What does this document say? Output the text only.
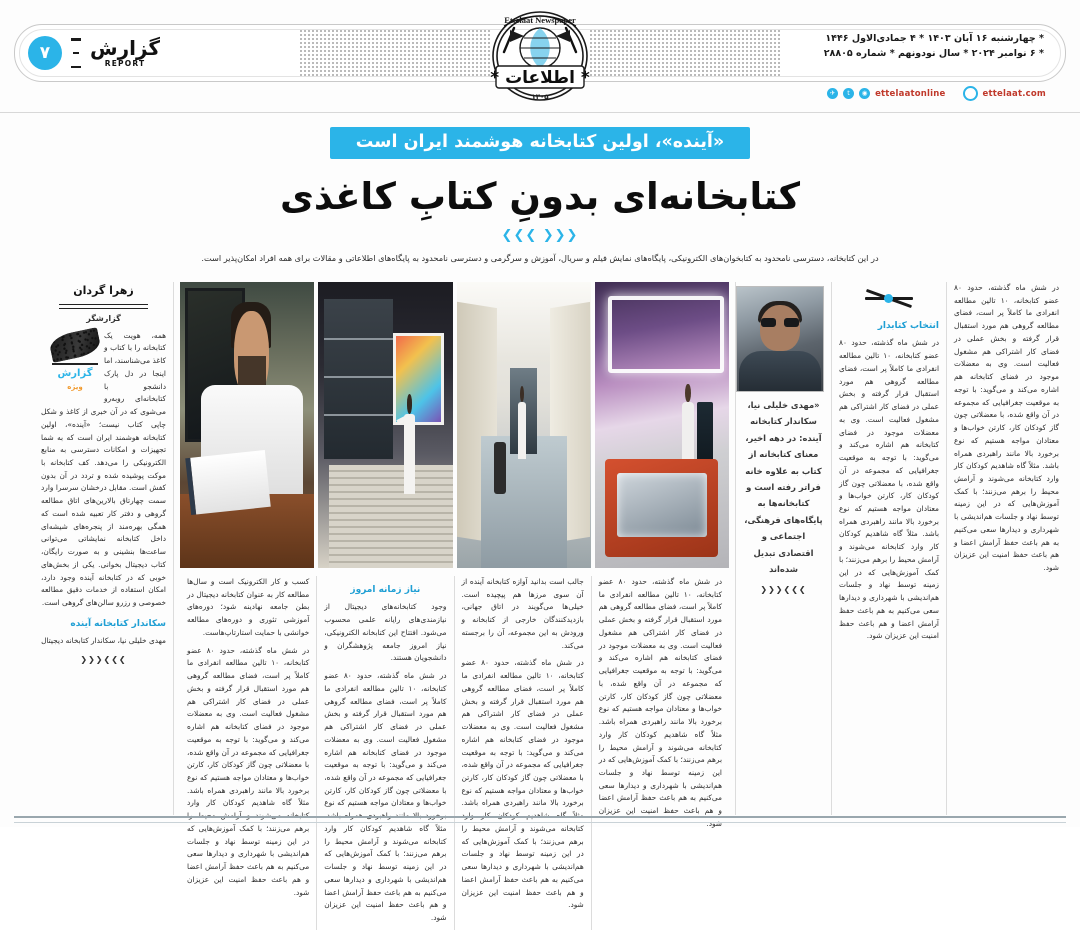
۷	گزارش
REPORT
Ettelaat Newspaper
* اطلاعات *
۱۳۰۵
* چهارشنبه ۱۶ آبان ۱۴۰۳ * ۴ جمادی‌الاول ۱۴۴۶
* ۶ نوامبر ۲۰۲۴ * سال نودونهم * شماره ۲۸۸۰۵
✈	t	◉ ettelaatonline	ettelaat.com
«آینده»، اولین کتابخانه هوشمند ایران است
کتابخانه‌ای بدونِ کتابِ کاغذی
❮❮❮ ❯❯❯
در این کتابخانه، دسترسی نامحدود به کتابخوان‌های الکترونیکی، پایگاه‌های نمایش فیلم و سریال، آموزش و سرگرمی و دسترسی نامحدود به پایگاه‌های اطلاعاتی و مقالات برای همه افراد امکان‌پذیر است.

در شش ماه گذشته، حدود ۸۰ عضو کتابخانه، ۱۰ تالین مطالعه انفرادی ما کاملاً پر است، فضای مطالعه گروهی هم مورد استقبال قرار گرفته و بخش عملی در فضای کار اشتراکی هم مشغول فعالیت است. وی به معضلات موجود در فضای کتابخانه هم اشاره می‌کند و می‌گوید: با توجه به موقعیت جغرافیایی که مجموعه در آن واقع شده، با معضلاتی چون گاز کودکان کار، کارتن خواب‌ها و معتادان مواجه هستیم که نوع برخورد بالا مانند راهبردی همراه باشد. مثلاً گاه شاهدیم کودکان کار وارد کتابخانه می‌شوند و آرامش محیط را برهم می‌زنند؛ با کمک آموزش‌هایی که در این زمینه توسط نهاد و جلسات هم‌اندیشی با شهرداری و دیدارها سعی می‌کنیم به هم باعث حفظ آرامش اعضا و هم باعث حفظ امنیت این عزیزان شود.

انتخاب کتابدار

در شش ماه گذشته، حدود ۸۰ عضو کتابخانه، ۱۰ تالین مطالعه انفرادی ما کاملاً پر است، فضای مطالعه گروهی هم مورد استقبال قرار گرفته و بخش عملی در فضای کار اشتراکی هم مشغول فعالیت است. وی به معضلات موجود در فضای کتابخانه هم اشاره می‌کند و می‌گوید: با توجه به موقعیت جغرافیایی که مجموعه در آن واقع شده، با معضلاتی چون گاز کودکان کار، کارتن خواب‌ها و معتادان مواجه هستیم که نوع برخورد بالا مانند راهبردی همراه باشد. مثلاً گاه شاهدیم کودکان کار وارد کتابخانه می‌شوند و آرامش محیط را برهم می‌زنند؛ با کمک آموزش‌هایی که در این زمینه توسط نهاد و جلسات هم‌اندیشی با شهرداری و دیدارها سعی می‌کنیم به هم باعث حفظ آرامش اعضا و هم باعث حفظ امنیت این عزیزان شود.

«مهدی خلیلی نیا، سکاندار کتابخانه آینده: در دهه اخیر، معنای کتابخانه از کتاب به علاوه خانه فراتر رفته است و کتابخانه‌ها به پایگاه‌های فرهنگی، اجتماعی و اقتصادی تبدیل شده‌اند
❯❯❯❮❮❮

در شش ماه گذشته، حدود ۸۰ عضو کتابخانه، ۱۰ تالین مطالعه انفرادی ما کاملاً پر است، فضای مطالعه گروهی هم مورد استقبال قرار گرفته و بخش عملی در فضای کار اشتراکی هم مشغول فعالیت است. وی به معضلات موجود در فضای کتابخانه هم اشاره می‌کند و می‌گوید: با توجه به موقعیت جغرافیایی که مجموعه در آن واقع شده، با معضلاتی چون گاز کودکان کار، کارتن خواب‌ها و معتادان مواجه هستیم که نوع برخورد بالا مانند راهبردی همراه باشد. مثلاً گاه شاهدیم کودکان کار وارد کتابخانه می‌شوند و آرامش محیط را برهم می‌زنند؛ با کمک آموزش‌هایی که در این زمینه توسط نهاد و جلسات هم‌اندیشی با شهرداری و دیدارها سعی می‌کنیم به هم باعث حفظ آرامش اعضا و هم باعث حفظ امنیت این عزیزان شود.

جالب است بدانید آوازه کتابخانه آینده از آن سوی مرزها هم پیچیده است. خیلی‌ها می‌گویند در اتاق جهانی، بازدیدکنندگان خارجی از کتابخانه و ورودش به این مجموعه، آن را برجسته می‌کند.

در شش ماه گذشته، حدود ۸۰ عضو کتابخانه، ۱۰ تالین مطالعه انفرادی ما کاملاً پر است، فضای مطالعه گروهی هم مورد استقبال قرار گرفته و بخش عملی در فضای کار اشتراکی هم مشغول فعالیت است. وی به معضلات موجود در فضای کتابخانه هم اشاره می‌کند و می‌گوید: با توجه به موقعیت جغرافیایی که مجموعه در آن واقع شده، با معضلاتی چون گاز کودکان کار، کارتن خواب‌ها و معتادان مواجه هستیم که نوع برخورد بالا مانند راهبردی همراه باشد. مثلاً گاه شاهدیم کودکان کار وارد کتابخانه می‌شوند و آرامش محیط را برهم می‌زنند؛ با کمک آموزش‌هایی که در این زمینه توسط نهاد و جلسات هم‌اندیشی با شهرداری و دیدارها سعی می‌کنیم به هم باعث حفظ آرامش اعضا و هم باعث حفظ امنیت این عزیزان شود.

نیاز زمانه امروز

وجود کتابخانه‌های دیجیتال از نیازمندی‌های رایانه علمی محسوب می‌شود. افتتاح این کتابخانه الکترونیکی، نیاز امروز جامعه پژوهشگران و دانشجویان هستند.

در شش ماه گذشته، حدود ۸۰ عضو کتابخانه، ۱۰ تالین مطالعه انفرادی ما کاملاً پر است، فضای مطالعه گروهی هم مورد استقبال قرار گرفته و بخش عملی در فضای کار اشتراکی هم مشغول فعالیت است. وی به معضلات موجود در فضای کتابخانه هم اشاره می‌کند و می‌گوید: با توجه به موقعیت جغرافیایی که مجموعه در آن واقع شده، با معضلاتی چون گاز کودکان کار، کارتن خواب‌ها و معتادان مواجه هستیم که نوع برخورد بالا مانند راهبردی همراه باشد. مثلاً گاه شاهدیم کودکان کار وارد کتابخانه می‌شوند و آرامش محیط را برهم می‌زنند؛ با کمک آموزش‌هایی که در این زمینه توسط نهاد و جلسات هم‌اندیشی با شهرداری و دیدارها سعی می‌کنیم به هم باعث حفظ آرامش اعضا و هم باعث حفظ امنیت این عزیزان شود.

کسب و کار الکترونیک است و سال‌ها مطالعه کار به عنوان کتابخانه دیجیتال در بطن جامعه نهادینه شود؛ دوره‌های آموزشی تئوری و دوره‌های مطالعه خوانشی با حمایت استارتاپ‌هاست.

در شش ماه گذشته، حدود ۸۰ عضو کتابخانه، ۱۰ تالین مطالعه انفرادی ما کاملاً پر است، فضای مطالعه گروهی هم مورد استقبال قرار گرفته و بخش عملی در فضای کار اشتراکی هم مشغول فعالیت است. وی به معضلات موجود در فضای کتابخانه هم اشاره می‌کند و می‌گوید: با توجه به موقعیت جغرافیایی که مجموعه در آن واقع شده، با معضلاتی چون گاز کودکان کار، کارتن خواب‌ها و معتادان مواجه هستیم که نوع برخورد بالا مانند راهبردی همراه باشد. مثلاً گاه شاهدیم کودکان کار وارد کتابخانه می‌شوند و آرامش محیط را برهم می‌زنند؛ با کمک آموزش‌هایی که در این زمینه توسط نهاد و جلسات هم‌اندیشی با شهرداری و دیدارها سعی می‌کنیم به هم باعث حفظ آرامش اعضا و هم باعث حفظ امنیت این عزیزان شود.

زهرا گردان
گزارشگر
گزارش
ویژه

همه، هویت یک کتابخانه را با کتاب و کاغذ می‌شناسند، اما اینجا در دل پارک دانشجو با کتابخانه‌ای روبه‌رو می‌شوی که در آن خبری از کاغذ و شکل چاپی کتاب نیست؛ «آینده»، اولین کتابخانه هوشمند ایران است که به شما تجهیزات و امکانات دسترسی به منابع الکترونیکی را می‌دهد. کف کتابخانه با موکت پوشیده شده و تردد در آن بدون کفش است. مقابل درخشان سرسرا وارد سمت چهارتاق بالارین‌های اتاق مطالعه گروهی و دفتر کار تعبیه شده است که همگی بهره‌مند از پنجره‌های شیشه‌ای داخل کتابخانه نمایشاتی می‌توانی ساعت‌ها بنشینی و به صورت رایگان، کتاب دیجیتال بخوانی. یکی از بخش‌های خوبی که در کتابخانه آینده وجود دارد، امکان استفاده از خدمات دقیق مطالعه خصوصی و رزرو سالن‌های گروهی است.

سکاندار کتابخانه آینده

مهدی خلیلی نیا، سکاندار کتابخانه دیجیتال

❯❯❯❮❮❮
